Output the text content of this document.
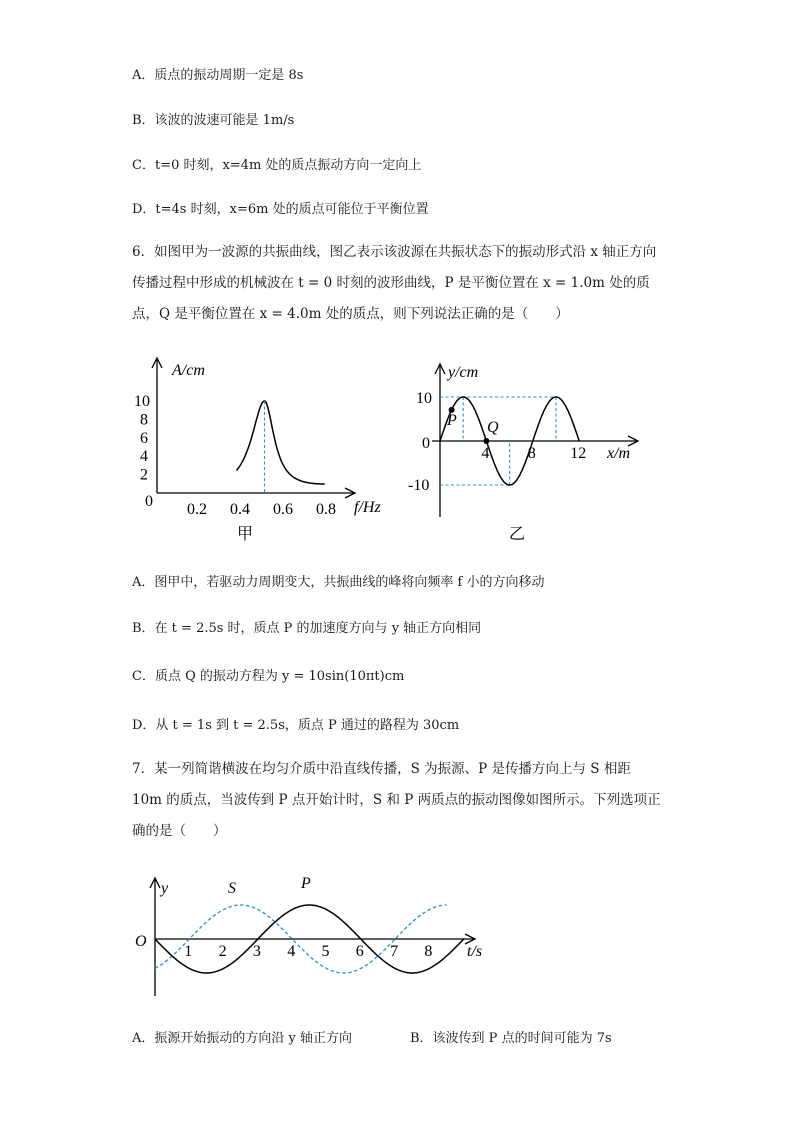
A．质点的振动周期一定是 8s
B．该波的波速可能是 1m/s
C．t=0 时刻，x=4m 处的质点振动方向一定向上
D．t=4s 时刻，x=6m 处的质点可能位于平衡位置
6．如图甲为一波源的共振曲线，图乙表示该波源在共振状态下的振动形式沿 x 轴正方向传播过程中形成的机械波在 t = 0 时刻的波形曲线，P 是平衡位置在 x = 1.0m 处的质点，Q 是平衡位置在 x = 4.0m 处的质点，则下列说法正确的是（　　）
A/cm
f/Hz
0
10
8
6
4
2
0.2 0.4 0.6 0.8
甲
y/cm
x/m
0
10
-10
4 8 12
P Q
乙
A．图甲中，若驱动力周期变大，共振曲线的峰将向频率 f 小的方向移动
B．在 t = 2.5s 时，质点 P 的加速度方向与 y 轴正方向相同
C．质点 Q 的振动方程为 y = 10sin(10πt)cm
D．从 t = 1s 到 t = 2.5s，质点 P 通过的路程为 30cm
7．某一列简谐横波在均匀介质中沿直线传播，S 为振源、P 是传播方向上与 S 相距 10m 的质点，当波传到 P 点开始计时，S 和 P 两质点的振动图像如图所示。下列选项正确的是（　　）
y
t/s
O
S	P
1 2 3 4 5 6 7 8
A．振源开始振动的方向沿 y 轴正方向	B．该波传到 P 点的时间可能为 7s
